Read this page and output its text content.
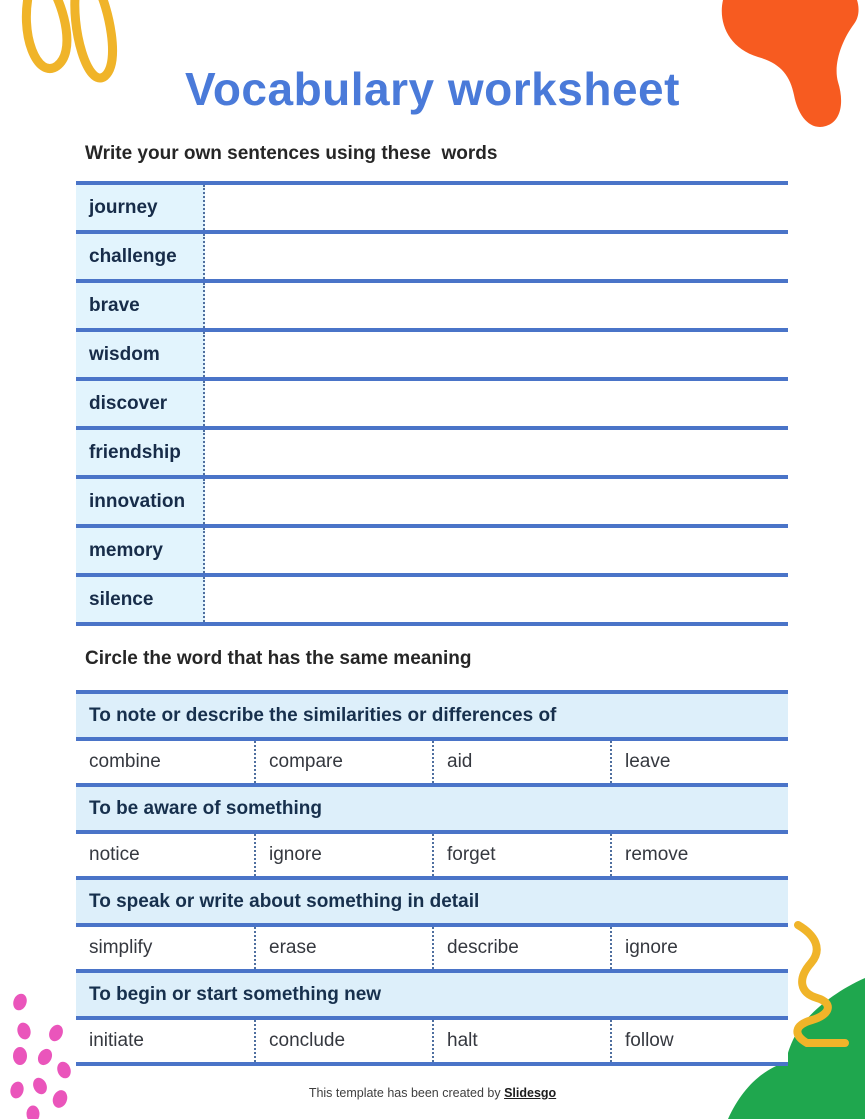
Vocabulary worksheet
Write your own sentences using these  words
journey
challenge
brave
wisdom
discover
friendship
innovation
memory
silence
Circle the word that has the same meaning
To note or describe the similarities or differences of
combine	compare	aid	leave
To be aware of something
notice	ignore	forget	remove
To speak or write about something in detail
simplify	erase	describe	ignore
To begin or start something new
initiate	conclude	halt	follow
This template has been created by Slidesgo
